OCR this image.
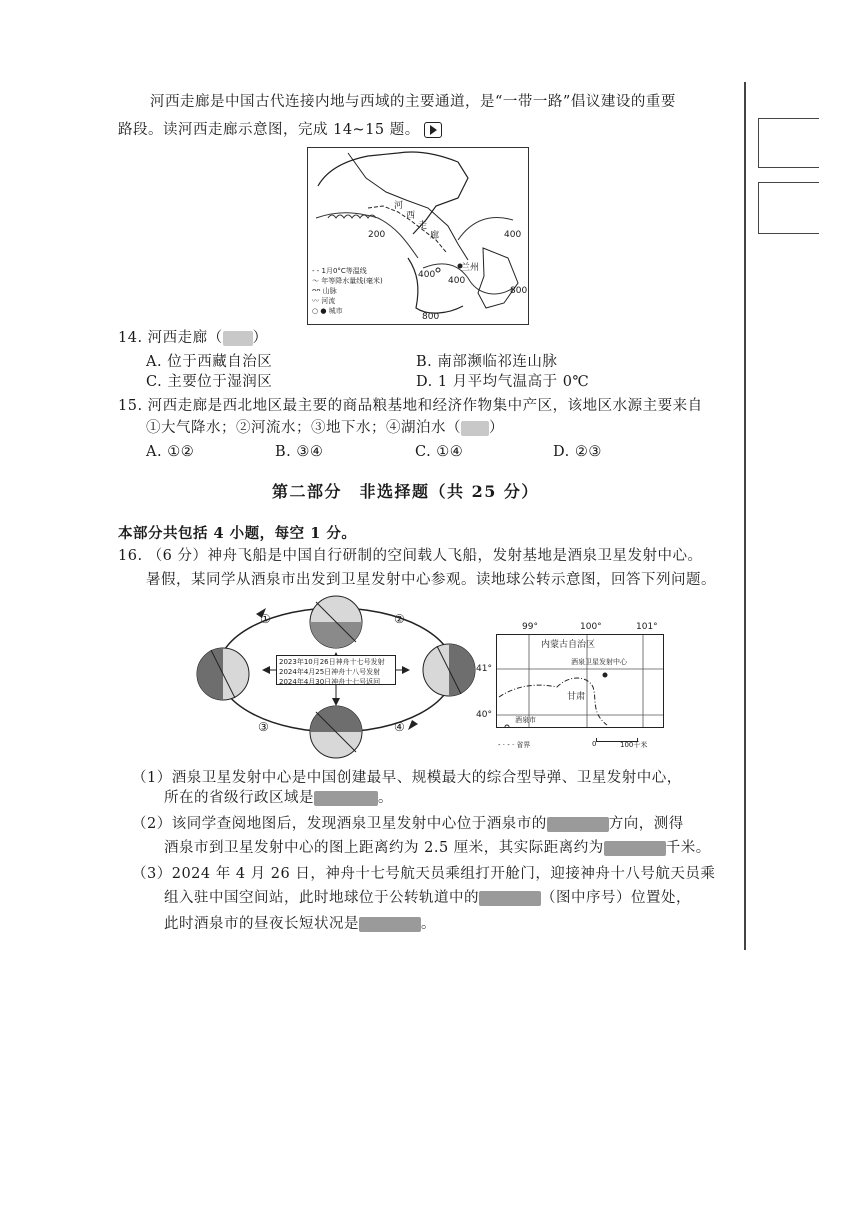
河西走廊是中国古代连接内地与西域的主要通道，是“一带一路”倡议建设的重要
路段。读河西走廊示意图，完成 14~15 题。
河
西
走
廊
兰州
200	400
400
400
800
800
- - 1月0°C等温线
～ 年等降水量线(毫米)
ᴖᴖ 山脉
〰 河流
○ ● 城市
14. 河西走廊（ ）
A. 位于西藏自治区	B. 南部濒临祁连山脉
C. 主要位于湿润区	D. 1 月平均气温高于 0℃
15. 河西走廊是西北地区最主要的商品粮基地和经济作物集中产区，该地区水源主要来自
①大气降水；②河流水；③地下水；④湖泊水（ ）
A. ①②	B. ③④	C. ①④	D. ②③
第二部分　非选择题（共 25 分）
本部分共包括 4 小题，每空 1 分。
16. （6 分）神舟飞船是中国自行研制的空间载人飞船，发射基地是酒泉卫星发射中心。
暑假，某同学从酒泉市出发到卫星发射中心参观。读地球公转示意图，回答下列问题。
2023年10月26日神舟十七号发射
2024年4月25日神舟十八号发射
2024年4月30日神舟十七号返回
①	②
③	④
99°	100°	101°
41°
40°
内蒙古自治区
酒泉卫星发射中心
甘肃
酒泉市
- · - · 省界	0	100千米
（1）酒泉卫星发射中心是中国创建最早、规模最大的综合型导弹、卫星发射中心，
所在的省级行政区域是	。
（2）该同学查阅地图后，发现酒泉卫星发射中心位于酒泉市的	方向，测得
酒泉市到卫星发射中心的图上距离约为 2.5 厘米，其实际距离约为	千米。
（3）2024 年 4 月 26 日，神舟十七号航天员乘组打开舱门，迎接神舟十八号航天员乘
组入驻中国空间站，此时地球位于公转轨道中的	（图中序号）位置处，
此时酒泉市的昼夜长短状况是	。
